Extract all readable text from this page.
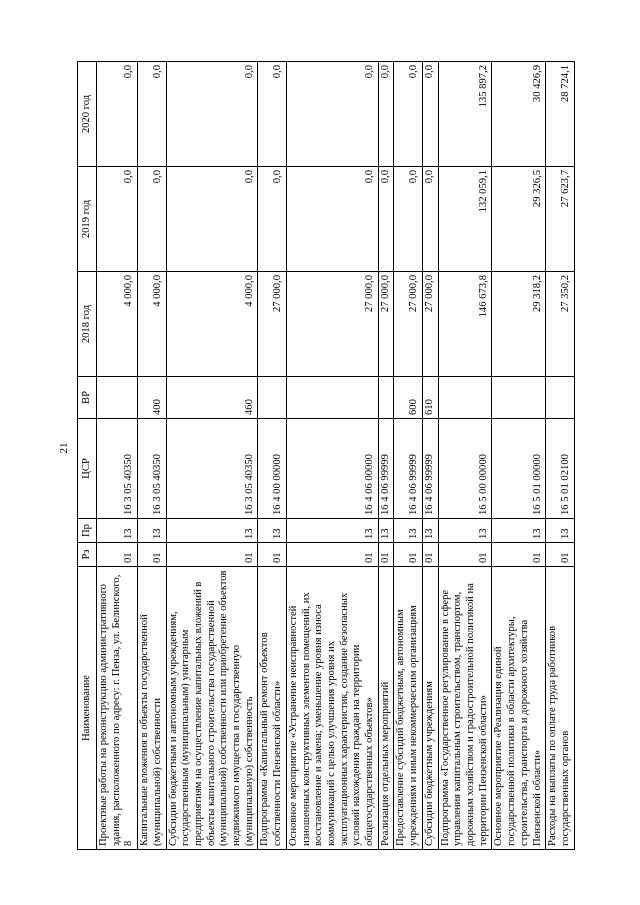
21
Наименование	Рз	Пр	ЦСР	ВР	2018 год	2019 год	2020 год
Проектные работы на реконструкцию административного здания, расположенного по адресу: г. Пенза, ул. Белинского, 8	01	13	16 3 05 40350		4 000,0	0,0	0,0
Капитальные вложения в объекты государственной (муниципальной) собственности	01	13	16 3 05 40350	400	4 000,0	0,0	0,0
Субсидии бюджетным и автономным учреждениям, государственным (муниципальным) унитарным предприятиям на осуществление капитальных вложений в объекты капитального строительства государственной (муниципальной) собственности или приобретение объектов недвижимого имущества в государственную (муниципальную) собственность	01	13	16 3 05 40350	460	4 000,0	0,0	0,0
Подпрограмма «Капитальный ремонт объектов собственности Пензенской области»	01	13	16 4 00 00000		27 000,0	0,0	0,0
Основное мероприятие «Устранение неисправностей изношенных конструктивных элементов помещений, их восстановление и замена; уменьшение уровня износа коммуникаций с целью улучшения уровня их эксплуатационных характеристик, создание безопасных условий нахождения граждан на территории общегосударственных объектов»	01	13	16 4 06 00000		27 000,0	0,0	0,0
Реализация отдельных мероприятий	01	13	16 4 06 99999		27 000,0	0,0	0,0
Предоставление субсидий бюджетным, автономным учреждениям и иным некоммерческим организациям	01	13	16 4 06 99999	600	27 000,0	0,0	0,0
Субсидии бюджетным учреждениям	01	13	16 4 06 99999	610	27 000,0	0,0	0,0
Подпрограмма «Государственное регулирование в сфере управления капитальным строительством, транспортом, дорожным хозяйством и градостроительной политикой на территории Пензенской области»	01	13	16 5 00 00000		146 673,8	132 059,1	135 897,2
Основное мероприятие «Реализация единой государственной политики в области архитектуры, строительства, транспорта и дорожного хозяйства Пензенской области»	01	13	16 5 01 00000		29 318,2	29 326,5	30 426,9
Расходы на выплаты по оплате труда работников государственных органов	01	13	16 5 01 02100		27 350,2	27 623,7	28 724,1
